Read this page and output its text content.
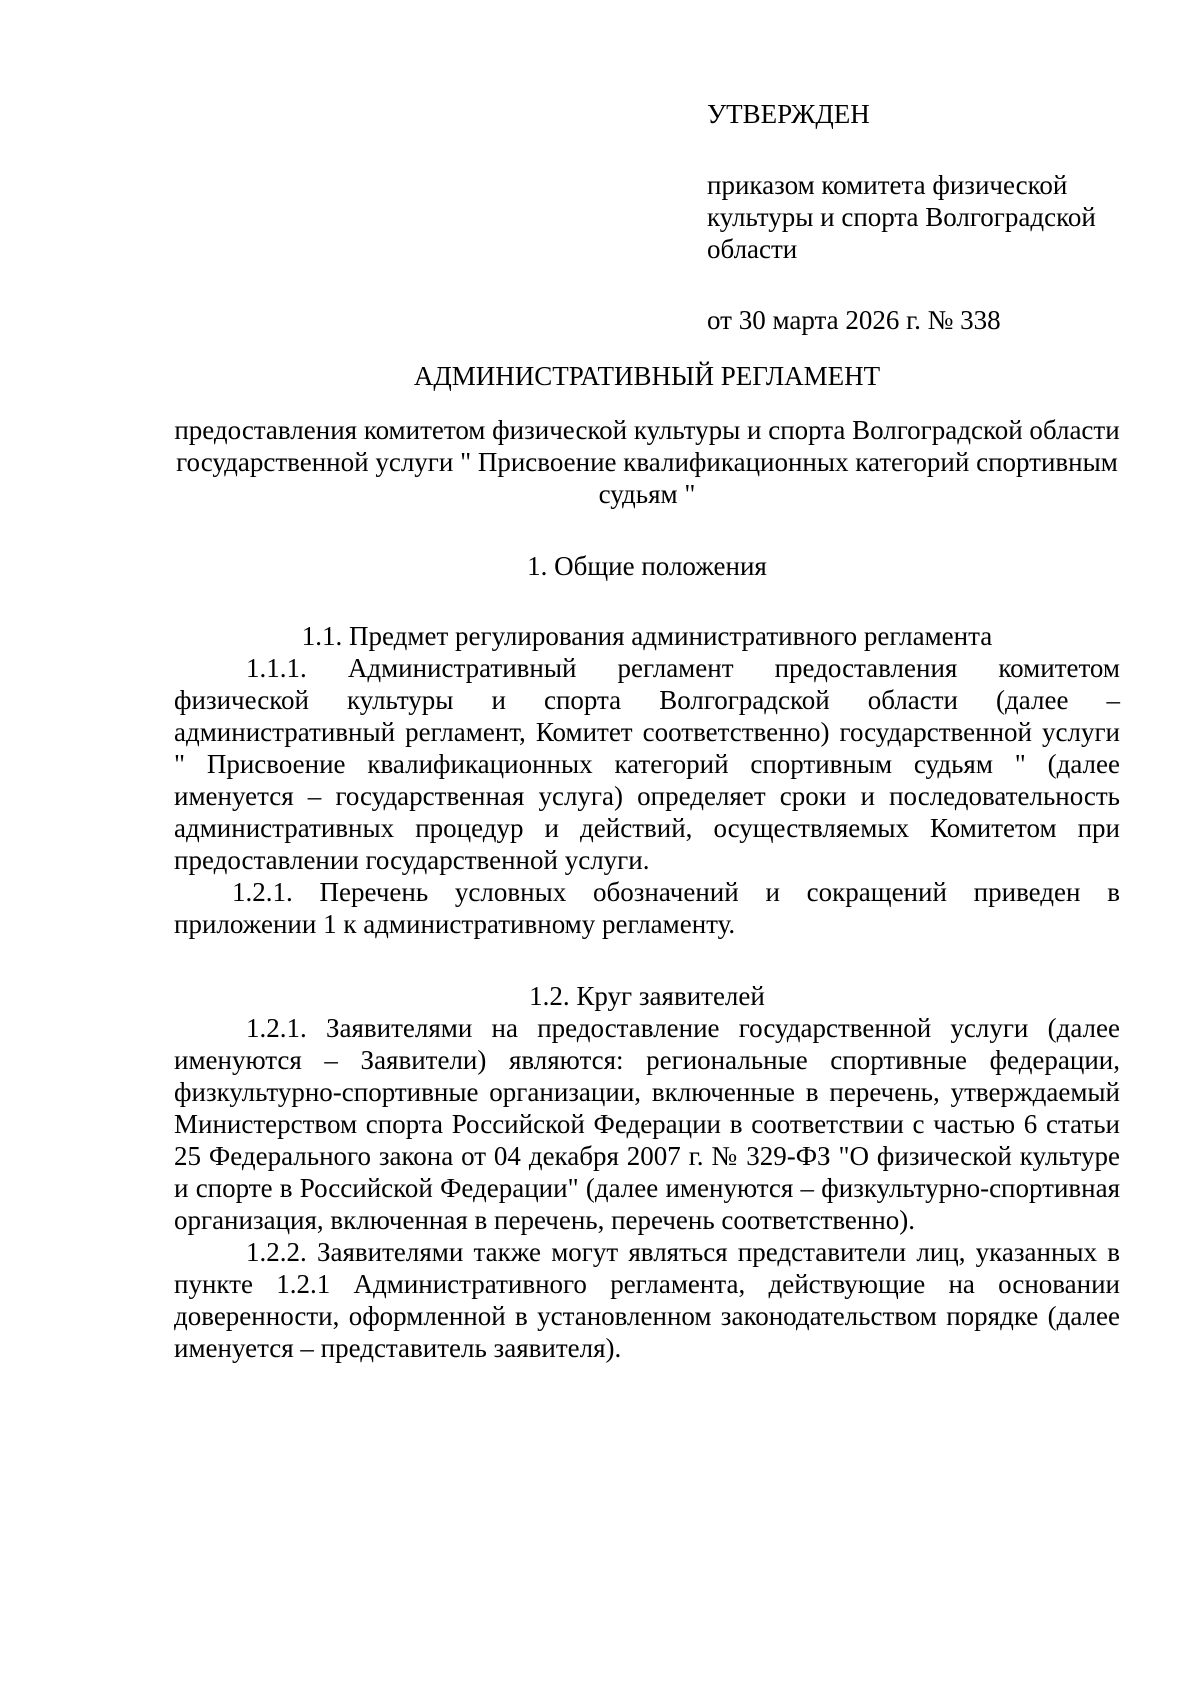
УТВЕРЖДЕН

приказом комитета физической культуры и спорта Волгоградской области

от 30 марта 2026 г. № 338

АДМИНИСТРАТИВНЫЙ РЕГЛАМЕНТ

предоставления комитетом физической культуры и спорта Волгоградской области государственной услуги " Присвоение квалификационных категорий спортивным судьям "

1. Общие положения

1.1. Предмет регулирования административного регламента

1.1.1. Административный регламент предоставления комитетом физической культуры и спорта Волгоградской области (далее – административный регламент, Комитет соответственно) государственной услуги " Присвоение квалификационных категорий спортивным судьям " (далее именуется – государственная услуга) определяет сроки и последовательность административных процедур и действий, осуществляемых Комитетом при предоставлении государственной услуги.

1.2.1. Перечень условных обозначений и сокращений приведен в приложении 1 к административному регламенту.

1.2. Круг заявителей

1.2.1. Заявителями на предоставление государственной услуги (далее именуются – Заявители) являются: региональные спортивные федерации, физкультурно-спортивные организации, включенные в перечень, утверждаемый Министерством спорта Российской Федерации в соответствии с частью 6 статьи 25 Федерального закона от 04 декабря 2007 г. № 329-ФЗ "О физической культуре и спорте в Российской Федерации" (далее именуются – физкультурно-спортивная организация, включенная в перечень, перечень соответственно).

1.2.2. Заявителями также могут являться представители лиц, указанных в пункте 1.2.1 Административного регламента, действующие на основании доверенности, оформленной в установленном законодательством порядке (далее именуется – представитель заявителя).
